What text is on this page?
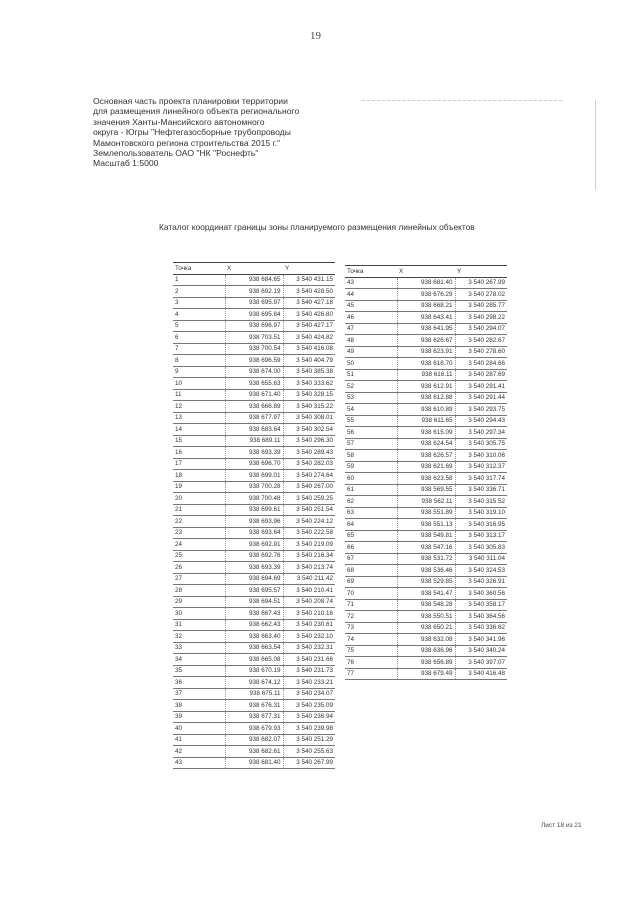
19
Основная часть проекта планировки территории
для размещения линейного объекта регионального
значения Ханты-Мансийского автономного
округа - Югры "Нефтегазосборные трубопроводы
Мамонтовского региона строительства 2015 г."
Землепользователь ОАО "НК "Роснефть"
Масштаб 1:5000
Каталог координат границы зоны планируемого размещения линейных объектов
Точка	X	Y
1	938 684.65	3 540 431.15
2	938 692.19	3 540 428.50
3	938 695.97	3 540 427.18
4	938 695.84	3 540 426.80
5	938 696.97	3 540 427.17
6	938 703.51	3 540 424.82
7	938 700.54	3 540 416.08
8	938 696.59	3 540 404.79
9	938 674.00	3 540 385.38
10	938 655.63	3 540 333.62
11	938 671.40	3 540 328.15
12	938 666.89	3 540 315.22
13	938 677.97	3 540 308.01
14	938 683.64	3 540 302.54
15	938 689.11	3 540 296.30
16	938 693.39	3 540 289.43
17	938 696.70	3 540 282.03
18	938 699.01	3 540 274.64
19	938 700.28	3 540 267.00
20	938 700.48	3 540 259.25
21	938 699.61	3 540 251.54
22	938 693.96	3 540 224.12
23	938 693.64	3 540 222.58
24	938 692.91	3 540 219.09
25	938 692.76	3 540 216.34
26	938 693.39	3 540 213.74
27	938 694.69	3 540 211.42
28	938 695.57	3 540 210.41
29	938 694.51	3 540 208.74
30	938 667.43	3 540 210.16
31	938 662.43	3 540 230.61
32	938 663.40	3 540 232.10
33	938 663.54	3 540 232.31
34	938 665.08	3 540 231.66
35	938 670.19	3 540 231.73
36	938 674.12	3 540 233.21
37	938 675.11	3 540 234.07
38	938 676.31	3 540 235.09
39	938 677.31	3 540 236.94
40	938 679.93	3 540 239.98
41	938 682.07	3 540 251.29
42	938 682.61	3 540 255.63
43	938 681.40	3 540 267.99
Точка	X	Y
43	938 681.40	3 540 267.99
44	938 676.29	3 540 278.02
45	938 668.21	3 540 285.77
46	938 643.41	3 540 298.22
47	938 641.95	3 540 294.07
48	938 626.67	3 540 282.67
49	938 623.91	3 540 278.60
50	938 618.70	3 540 284.66
51	938 616.11	3 540 287.69
52	938 612.91	3 540 291.41
53	938 612.88	3 540 291.44
54	938 610.89	3 540 293.75
55	938 611.65	3 540 294.43
56	938 615.09	3 540 297.34
57	938 624.54	3 540 305.75
58	938 626.57	3 540 310.06
59	938 621.69	3 540 312.37
60	938 623.58	3 540 317.74
61	938 569.55	3 540 336.71
62	938 562.11	3 540 315.52
63	938 551.89	3 540 319.10
64	938 551.13	3 540 316.95
65	938 549.81	3 540 313.17
66	938 547.16	3 540 305.83
67	938 531.72	3 540 311.04
68	938 536.46	3 540 324.53
69	938 529.85	3 540 326.91
70	938 541.47	3 540 360.56
71	938 548.28	3 540 358.17
72	938 550.51	3 540 364.56
73	938 650.21	3 540 336.62
74	938 632.08	3 540 341.96
75	938 636.96	3 540 340.24
76	938 656.89	3 540 397.07
77	938 679.49	3 540 416.48
Лист 18 из 21
